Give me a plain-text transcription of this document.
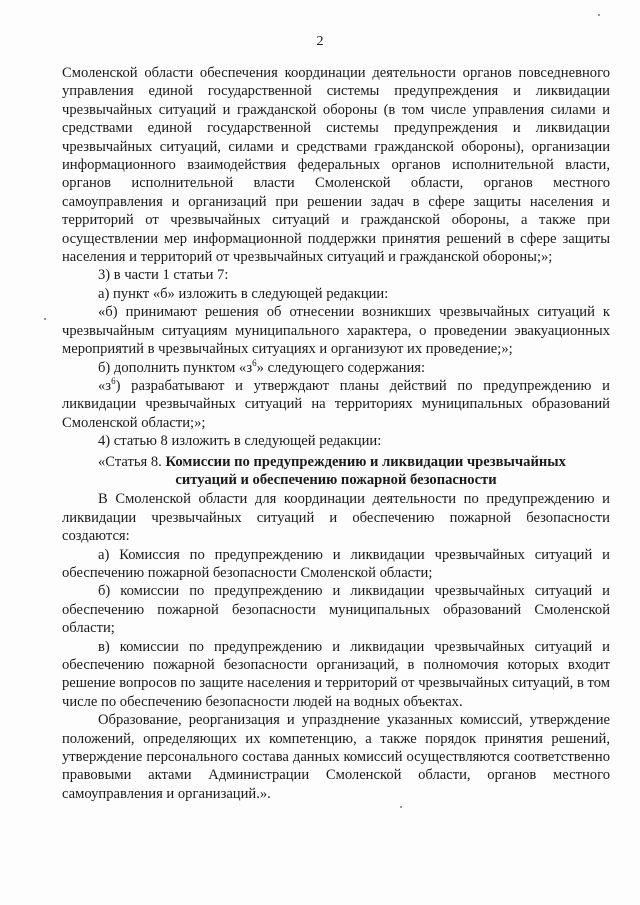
2

Смоленской области обеспечения координации деятельности органов повседневного управления единой государственной системы предупреждения и ликвидации чрезвычайных ситуаций и гражданской обороны (в том числе управления силами и средствами единой государственной системы предупреждения и ликвидации чрезвычайных ситуаций, силами и средствами гражданской обороны), организации информационного взаимодействия федеральных органов исполнительной власти, органов исполнительной власти Смоленской области, органов местного самоуправления и организаций при решении задач в сфере защиты населения и территорий от чрезвычайных ситуаций и гражданской обороны, а также при осуществлении мер информационной поддержки принятия решений в сфере защиты населения и территорий от чрезвычайных ситуаций и гражданской обороны;»;

3) в части 1 статьи 7:

а) пункт «б» изложить в следующей редакции:

«б) принимают решения об отнесении возникших чрезвычайных ситуаций к чрезвычайным ситуациям муниципального характера, о проведении эвакуационных мероприятий в чрезвычайных ситуациях и организуют их проведение;»;

б) дополнить пунктом «$з^6$» следующего содержания:

«$з^6$) разрабатывают и утверждают планы действий по предупреждению и ликвидации чрезвычайных ситуаций на территориях муниципальных образований Смоленской области;»;

4) статью 8 изложить в следующей редакции:

«Статья 8. Комиссии по предупреждению и ликвидации чрезвычайных
ситуаций и обеспечению пожарной безопасности

В Смоленской области для координации деятельности по предупреждению и ликвидации чрезвычайных ситуаций и обеспечению пожарной безопасности создаются:

а) Комиссия по предупреждению и ликвидации чрезвычайных ситуаций и обеспечению пожарной безопасности Смоленской области;

б) комиссии по предупреждению и ликвидации чрезвычайных ситуаций и обеспечению пожарной безопасности муниципальных образований Смоленской области;

в) комиссии по предупреждению и ликвидации чрезвычайных ситуаций и обеспечению пожарной безопасности организаций, в полномочия которых входит решение вопросов по защите населения и территорий от чрезвычайных ситуаций, в том числе по обеспечению безопасности людей на водных объектах.

Образование, реорганизация и упразднение указанных комиссий, утверждение положений, определяющих их компетенцию, а также порядок принятия решений, утверждение персонального состава данных комиссий осуществляются соответственно правовыми актами Администрации Смоленской области, органов местного самоуправления и организаций.».
